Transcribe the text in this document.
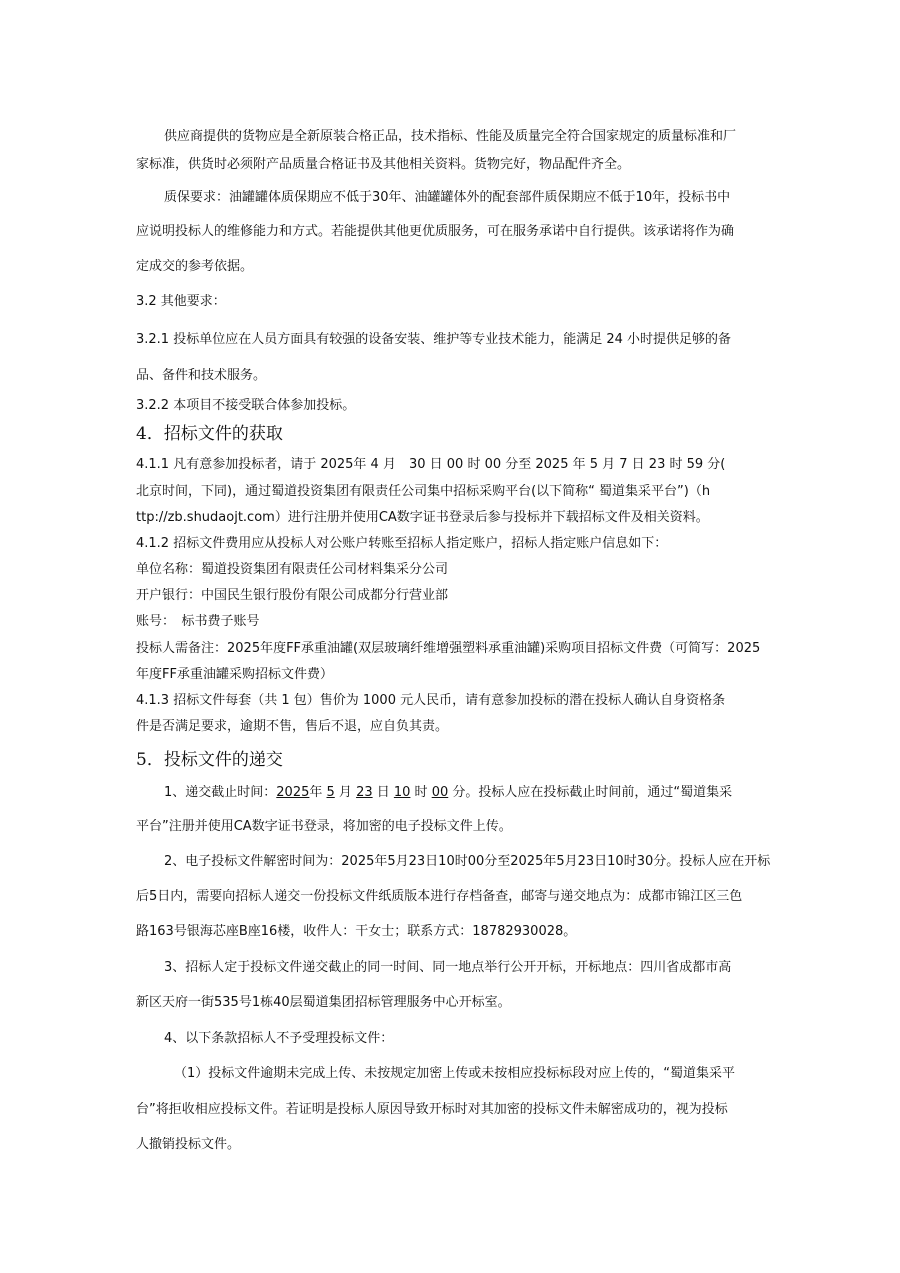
供应商提供的货物应是全新原装合格正品，技术指标、性能及质量完全符合国家规定的质量标准和厂
家标准，供货时必须附产品质量合格证书及其他相关资料。货物完好，物品配件齐全。
质保要求：油罐罐体质保期应不低于30年、油罐罐体外的配套部件质保期应不低于10年，投标书中
应说明投标人的维修能力和方式。若能提供其他更优质服务，可在服务承诺中自行提供。该承诺将作为确
定成交的参考依据。
3.2 其他要求：
3.2.1 投标单位应在人员方面具有较强的设备安装、维护等专业技术能力，能满足 24 小时提供足够的备
品、备件和技术服务。
3.2.2 本项目不接受联合体参加投标。
4．招标文件的获取
4.1.1 凡有意参加投标者，请于 2025年 4 月　30 日 00 时 00 分至 2025 年 5 月 7 日 23 时 59 分(
北京时间，下同)，通过蜀道投资集团有限责任公司集中招标采购平台(以下简称“ 蜀道集采平台”)（h
ttp://zb.shudaojt.com）进行注册并使用CA数字证书登录后参与投标并下载招标文件及相关资料。
4.1.2 招标文件费用应从投标人对公账户转账至招标人指定账户，招标人指定账户信息如下：
单位名称：蜀道投资集团有限责任公司材料集采分公司
开户银行：中国民生银行股份有限公司成都分行营业部
账号：　标书费子账号
投标人需备注：2025年度FF承重油罐(双层玻璃纤维增强塑料承重油罐)采购项目招标文件费（可简写：2025
年度FF承重油罐采购招标文件费）
4.1.3 招标文件每套（共 1 包）售价为 1000 元人民币，请有意参加投标的潜在投标人确认自身资格条
件是否满足要求，逾期不售，售后不退，应自负其责。
5．投标文件的递交
1、递交截止时间：2025年 5 月 23 日 10 时 00 分。投标人应在投标截止时间前，通过“蜀道集采
平台”注册并使用CA数字证书登录，将加密的电子投标文件上传。
2、电子投标文件解密时间为：2025年5月23日10时00分至2025年5月23日10时30分。投标人应在开标
后5日内，需要向招标人递交一份投标文件纸质版本进行存档备查，邮寄与递交地点为：成都市锦江区三色
路163号银海芯座B座16楼，收件人：干女士；联系方式：18782930028。
3、招标人定于投标文件递交截止的同一时间、同一地点举行公开开标，开标地点：四川省成都市高
新区天府一街535号1栋40层蜀道集团招标管理服务中心开标室。
4、以下条款招标人不予受理投标文件：
（1）投标文件逾期未完成上传、未按规定加密上传或未按相应投标标段对应上传的，“蜀道集采平
台”将拒收相应投标文件。若证明是投标人原因导致开标时对其加密的投标文件未解密成功的，视为投标
人撤销投标文件。
